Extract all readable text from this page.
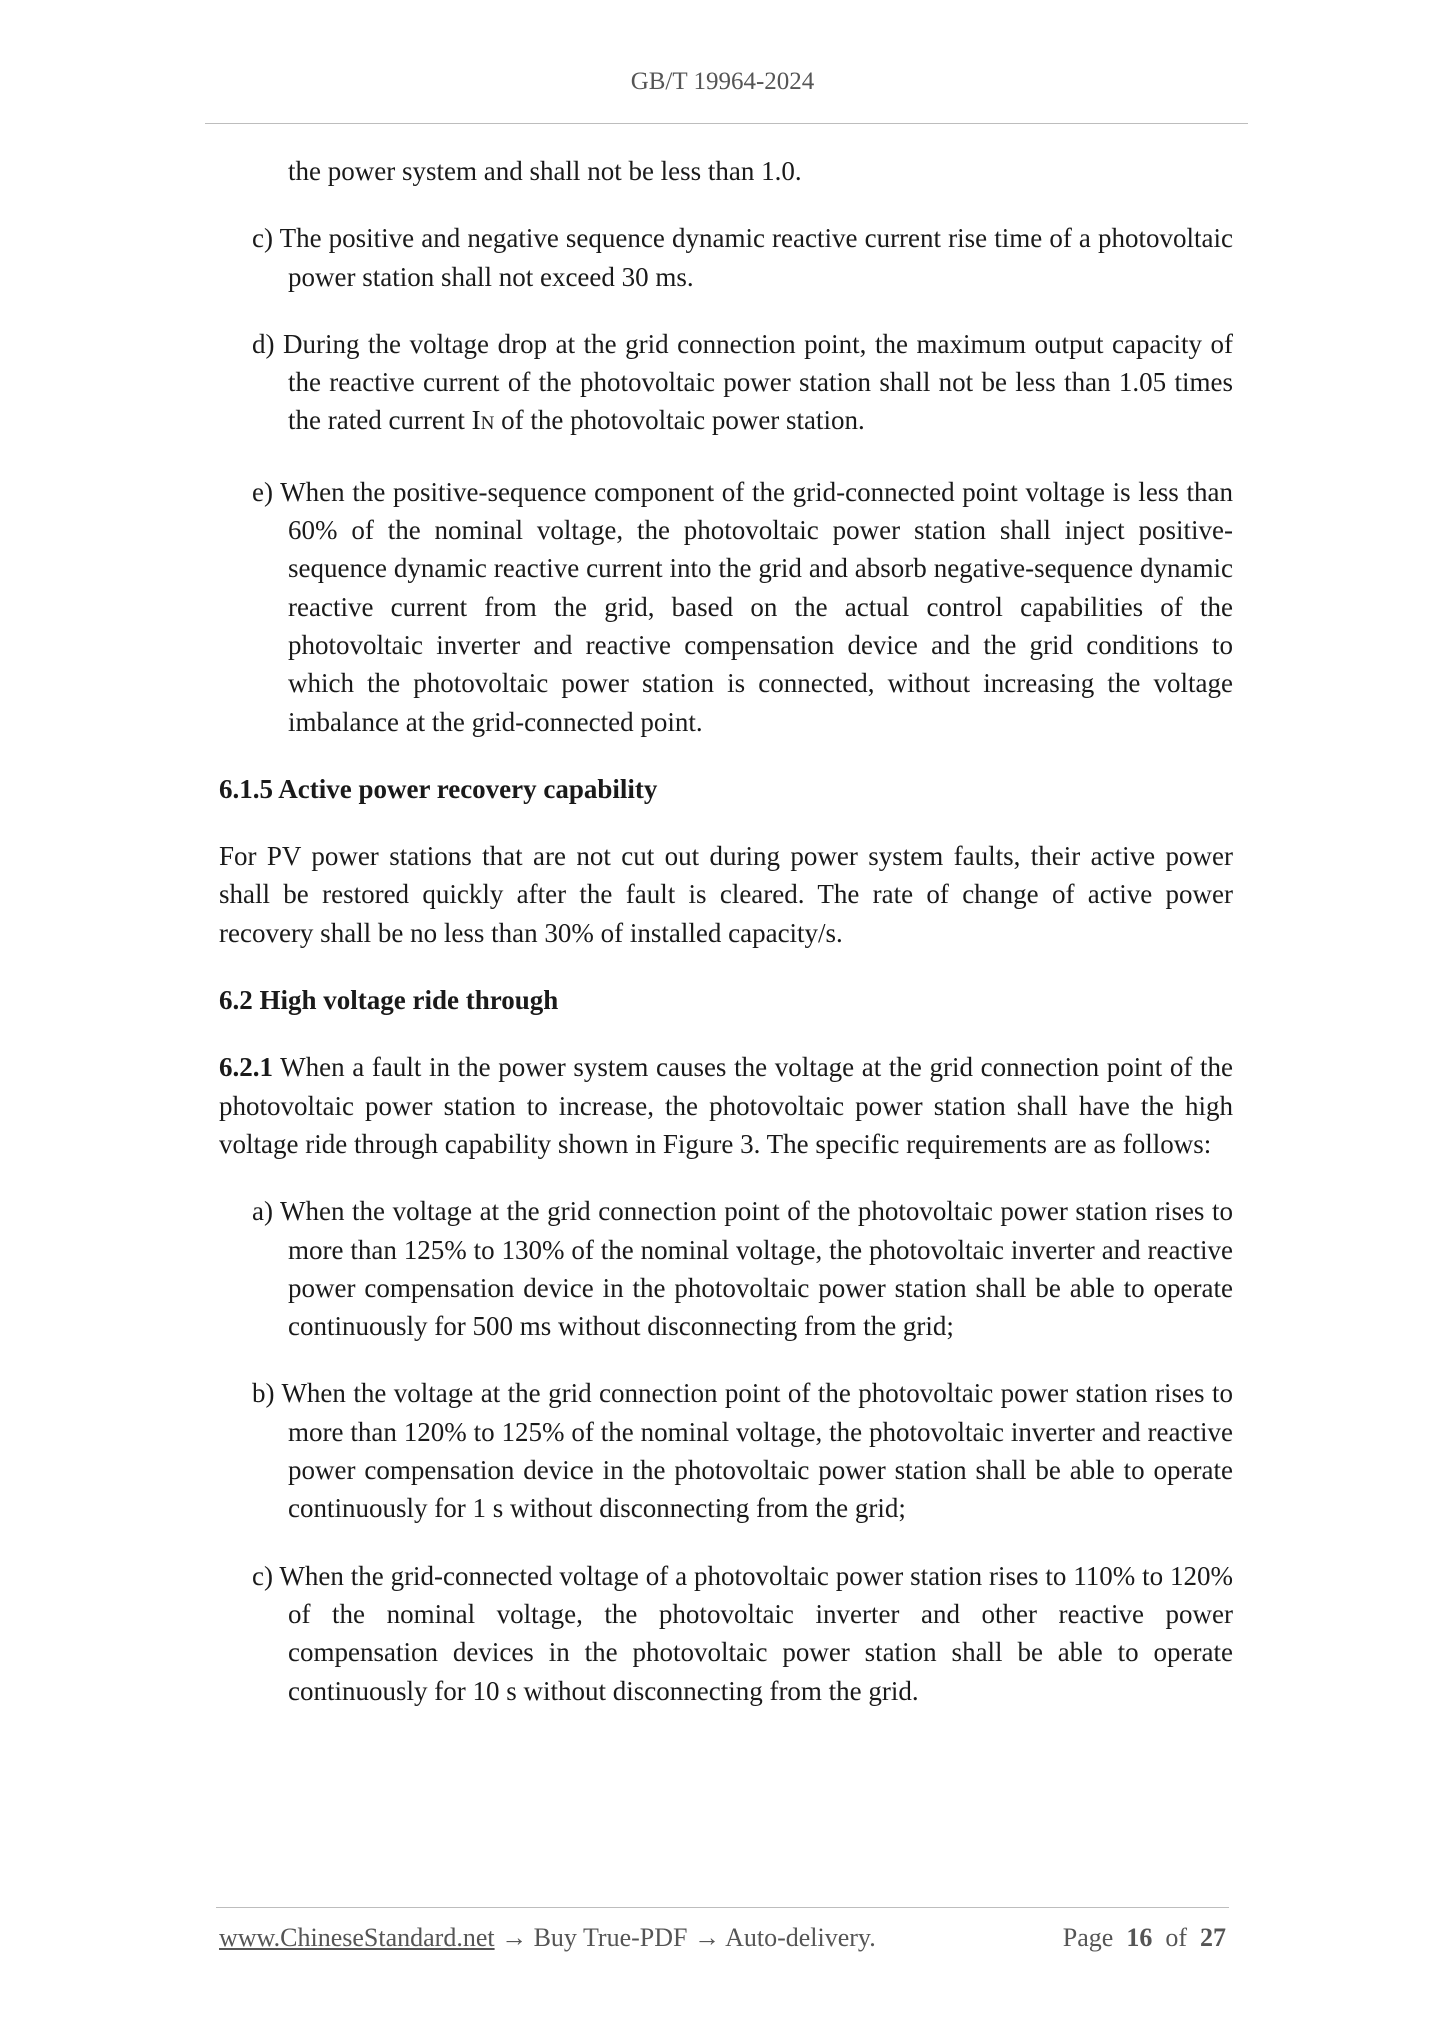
GB/T 19964-2024

the power system and shall not be less than 1.0.

c) The positive and negative sequence dynamic reactive current rise time of a photovoltaic power station shall not exceed 30 ms.

d) During the voltage drop at the grid connection point, the maximum output capacity of the reactive current of the photovoltaic power station shall not be less than 1.05 times the rated current IN of the photovoltaic power station.

e) When the positive-sequence component of the grid-connected point voltage is less than 60% of the nominal voltage, the photovoltaic power station shall inject positive-sequence dynamic reactive current into the grid and absorb negative-sequence dynamic reactive current from the grid, based on the actual control capabilities of the photovoltaic inverter and reactive compensation device and the grid conditions to which the photovoltaic power station is connected, without increasing the voltage imbalance at the grid-connected point.

6.1.5 Active power recovery capability

For PV power stations that are not cut out during power system faults, their active power shall be restored quickly after the fault is cleared. The rate of change of active power recovery shall be no less than 30% of installed capacity/s.

6.2 High voltage ride through

6.2.1 When a fault in the power system causes the voltage at the grid connection point of the photovoltaic power station to increase, the photovoltaic power station shall have the high voltage ride through capability shown in Figure 3. The specific requirements are as follows:

a) When the voltage at the grid connection point of the photovoltaic power station rises to more than 125% to 130% of the nominal voltage, the photovoltaic inverter and reactive power compensation device in the photovoltaic power station shall be able to operate continuously for 500 ms without disconnecting from the grid;

b) When the voltage at the grid connection point of the photovoltaic power station rises to more than 120% to 125% of the nominal voltage, the photovoltaic inverter and reactive power compensation device in the photovoltaic power station shall be able to operate continuously for 1 s without disconnecting from the grid;

c) When the grid-connected voltage of a photovoltaic power station rises to 110% to 120% of the nominal voltage, the photovoltaic inverter and other reactive power compensation devices in the photovoltaic power station shall be able to operate continuously for 10 s without disconnecting from the grid.

www.ChineseStandard.net → Buy True-PDF → Auto-delivery.	Page 16 of 27
